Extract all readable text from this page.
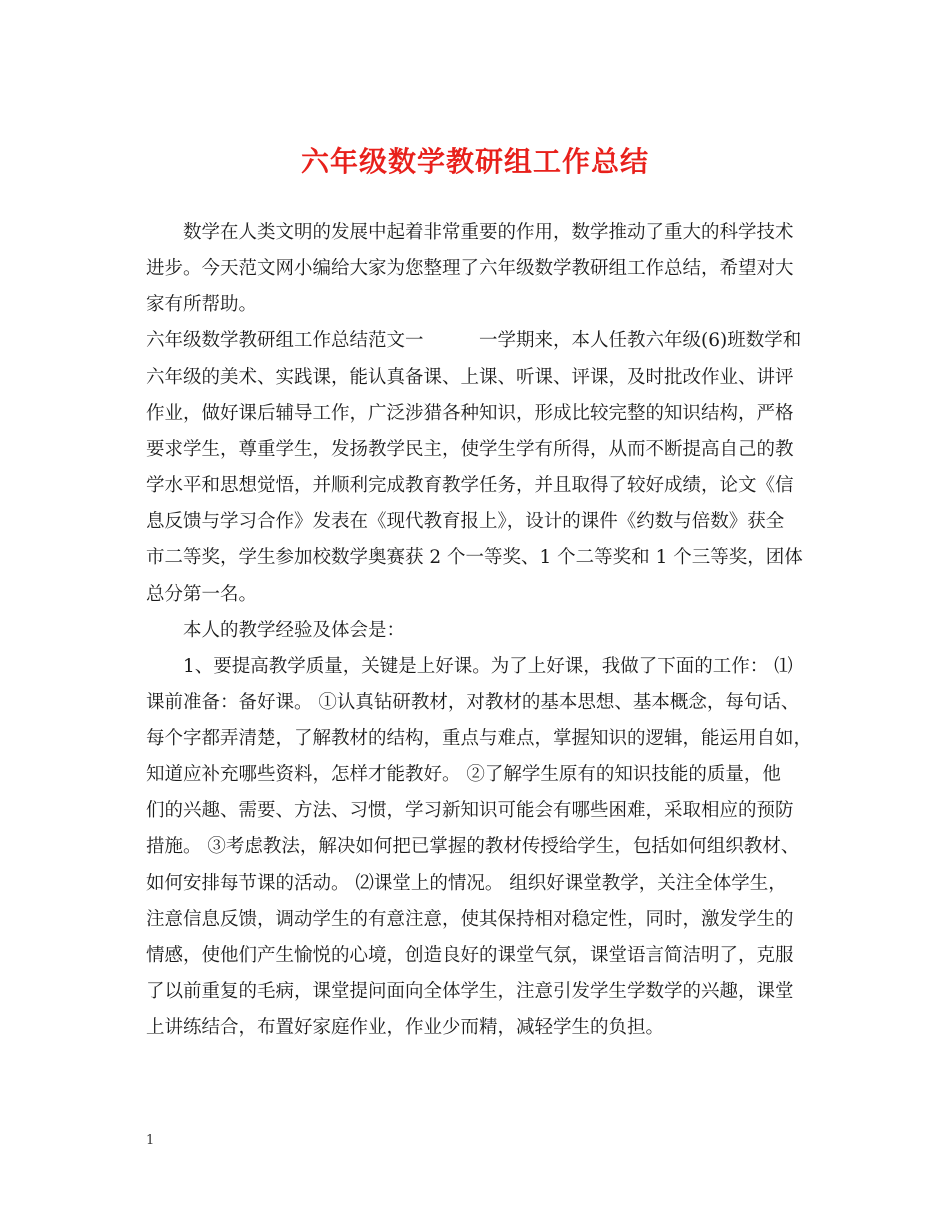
六年级数学教研组工作总结
数学在人类文明的发展中起着非常重要的作用，数学推动了重大的科学技术
进步。今天范文网小编给大家为您整理了六年级数学教研组工作总结，希望对大
家有所帮助。
六年级数学教研组工作总结范文一　　　一学期来，本人任教六年级(6)班数学和
六年级的美术、实践课，能认真备课、上课、听课、评课，及时批改作业、讲评
作业，做好课后辅导工作，广泛涉猎各种知识，形成比较完整的知识结构，严格
要求学生，尊重学生，发扬教学民主，使学生学有所得，从而不断提高自己的教
学水平和思想觉悟，并顺利完成教育教学任务，并且取得了较好成绩，论文《信
息反馈与学习合作》发表在《现代教育报上》，设计的课件《约数与倍数》获全
市二等奖，学生参加校数学奥赛获 2 个一等奖、1 个二等奖和 1 个三等奖，团体
总分第一名。
本人的教学经验及体会是：
1、要提高教学质量，关键是上好课。为了上好课，我做了下面的工作： ⑴
课前准备：备好课。 ①认真钻研教材，对教材的基本思想、基本概念，每句话、
每个字都弄清楚，了解教材的结构，重点与难点，掌握知识的逻辑，能运用自如，
知道应补充哪些资料，怎样才能教好。 ②了解学生原有的知识技能的质量，他
们的兴趣、需要、方法、习惯，学习新知识可能会有哪些困难，采取相应的预防
措施。 ③考虑教法，解决如何把已掌握的教材传授给学生，包括如何组织教材、
如何安排每节课的活动。 ⑵课堂上的情况。 组织好课堂教学，关注全体学生，
注意信息反馈，调动学生的有意注意，使其保持相对稳定性，同时，激发学生的
情感，使他们产生愉悦的心境，创造良好的课堂气氛，课堂语言简洁明了，克服
了以前重复的毛病，课堂提问面向全体学生，注意引发学生学数学的兴趣，课堂
上讲练结合，布置好家庭作业，作业少而精，减轻学生的负担。
1
